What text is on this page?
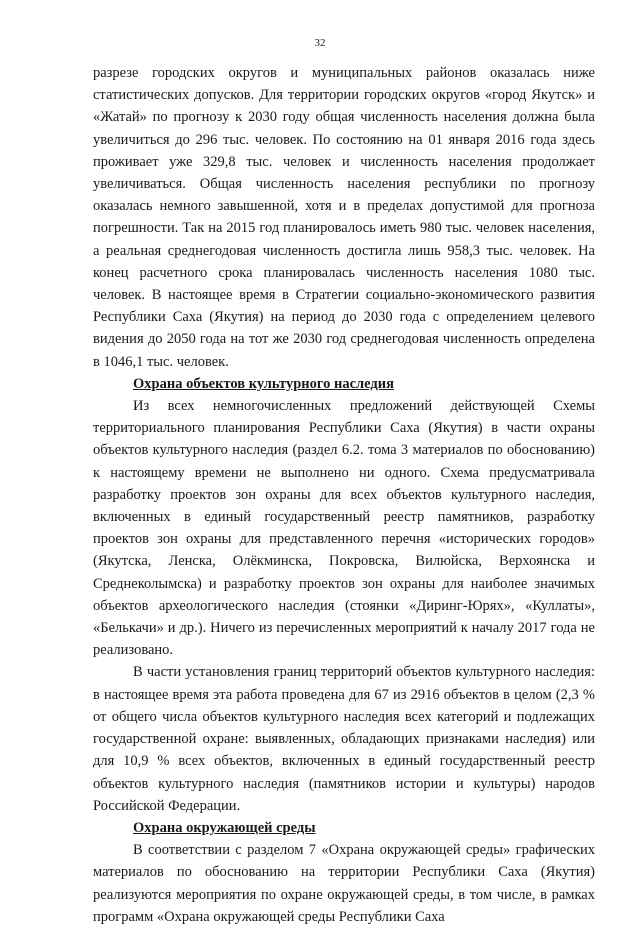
32

разрезе городских округов и муниципальных районов оказалась ниже статистических допусков. Для территории городских округов «город Якутск» и «Жатай» по прогнозу к 2030 году общая численность населения должна была увеличиться до 296 тыс. человек. По состоянию на 01 января 2016 года здесь проживает уже 329,8 тыс. человек и численность населения продолжает увеличиваться. Общая численность населения республики по прогнозу оказалась немного завышенной, хотя и в пределах допустимой для прогноза погрешности. Так на 2015 год планировалось иметь 980 тыс. человек населения, а реальная среднегодовая численность достигла лишь 958,3 тыс. человек. На конец расчетного срока планировалась численность населения 1080 тыс. человек. В настоящее время в Стратегии социально-экономического развития Республики Саха (Якутия) на период до 2030 года с определением целевого видения до 2050 года на тот же 2030 год среднегодовая численность определена в 1046,1 тыс. человек.

Охрана объектов культурного наследия

Из всех немногочисленных предложений действующей Схемы территориального планирования Республики Саха (Якутия) в части охраны объектов культурного наследия (раздел 6.2. тома 3 материалов по обоснованию) к настоящему времени не выполнено ни одного. Схема предусматривала разработку проектов зон охраны для всех объектов культурного наследия, включенных в единый государственный реестр памятников, разработку проектов зон охраны для представленного перечня «исторических городов» (Якутска, Ленска, Олёкминска, Покровска, Вилюйска, Верхоянска и Среднеколымска) и разработку проектов зон охраны для наиболее значимых объектов археологического наследия (стоянки «Диринг-Юрях», «Куллаты», «Белькачи» и др.). Ничего из перечисленных мероприятий к началу 2017 года не реализовано.

В части установления границ территорий объектов культурного наследия: в настоящее время эта работа проведена для 67 из 2916 объектов в целом (2,3 % от общего числа объектов культурного наследия всех категорий и подлежащих государственной охране: выявленных, обладающих признаками наследия) или для 10,9 % всех объектов, включенных в единый государственный реестр объектов культурного наследия (памятников истории и культуры) народов Российской Федерации.

Охрана окружающей среды

В соответствии с разделом 7 «Охрана окружающей среды» графических материалов по обоснованию на территории Республики Саха (Якутия) реализуются мероприятия по охране окружающей среды, в том числе, в рамках программ «Охрана окружающей среды Республики Саха
